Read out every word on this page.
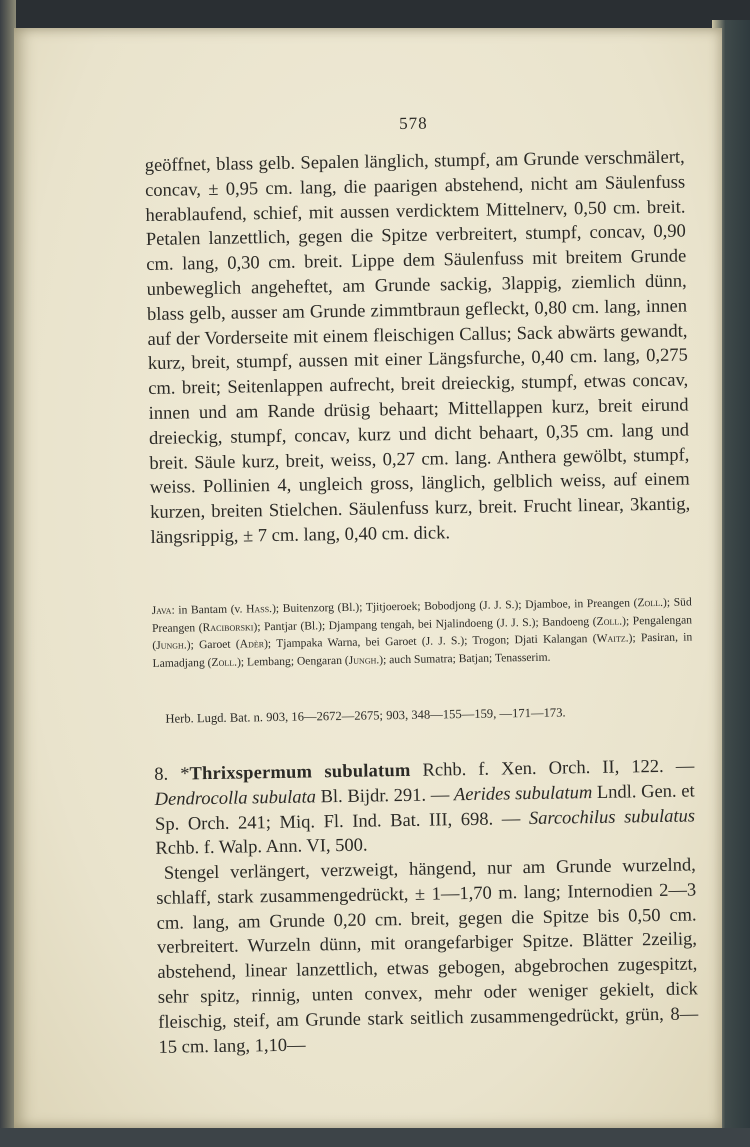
578

geöffnet, blass gelb. Sepalen länglich, stumpf, am Grunde verschmälert, concav, ± 0,95 cm. lang, die paarigen abstehend, nicht am Säulenfuss herablaufend, schief, mit aussen verdicktem Mittelnerv, 0,50 cm. breit. Petalen lanzettlich, gegen die Spitze verbreitert, stumpf, concav, 0,90 cm. lang, 0,30 cm. breit. Lippe dem Säulenfuss mit breitem Grunde unbeweglich angeheftet, am Grunde sackig, 3lappig, ziemlich dünn, blass gelb, ausser am Grunde zimmtbraun gefleckt, 0,80 cm. lang, innen auf der Vorderseite mit einem fleischigen Callus; Sack abwärts gewandt, kurz, breit, stumpf, aussen mit einer Längsfurche, 0,40 cm. lang, 0,275 cm. breit; Seitenlappen aufrecht, breit dreieckig, stumpf, etwas concav, innen und am Rande drüsig behaart; Mittellappen kurz, breit eirund dreieckig, stumpf, concav, kurz und dicht behaart, 0,35 cm. lang und breit. Säule kurz, breit, weiss, 0,27 cm. lang. Anthera gewölbt, stumpf, weiss. Pollinien 4, ungleich gross, länglich, gelblich weiss, auf einem kurzen, breiten Stielchen. Säulenfuss kurz, breit. Frucht linear, 3kantig, längsrippig, ± 7 cm. lang, 0,40 cm. dick.

Java: in Bantam (v. Hass.); Buitenzorg (Bl.); Tjitjoeroek; Bobodjong (J. J. S.); Djamboe, in Preangen (Zoll.); Süd Preangen (Raciborski); Pantjar (Bl.); Djampang tengah, bei Njalindoeng (J. J. S.); Bandoeng (Zoll.); Pengalengan (Jungh.); Garoet (Adèr); Tjampaka Warna, bei Garoet (J. J. S.); Trogon; Djati Kalangan (Waitz.); Pasiran, in Lamadjang (Zoll.); Lembang; Oengaran (Jungh.); auch Sumatra; Batjan; Tenasserim.

Herb. Lugd. Bat. n. 903, 16—2672—2675; 903, 348—155—159, —171—173.

8. *Thrixspermum subulatum Rchb. f. Xen. Orch. II, 122. — Dendrocolla subulata Bl. Bijdr. 291. — Aerides subulatum Lndl. Gen. et Sp. Orch. 241; Miq. Fl. Ind. Bat. III, 698. — Sarcochilus subulatus Rchb. f. Walp. Ann. VI, 500.

Stengel verlängert, verzweigt, hängend, nur am Grunde wurzelnd, schlaff, stark zusammengedrückt, ± 1—1,70 m. lang; Internodien 2—3 cm. lang, am Grunde 0,20 cm. breit, gegen die Spitze bis 0,50 cm. verbreitert. Wurzeln dünn, mit orangefarbiger Spitze. Blätter 2zeilig, abstehend, linear lanzettlich, etwas gebogen, abgebrochen zugespitzt, sehr spitz, rinnig, unten convex, mehr oder weniger gekielt, dick fleischig, steif, am Grunde stark seitlich zusammengedrückt, grün, 8—15 cm. lang, 1,10—
